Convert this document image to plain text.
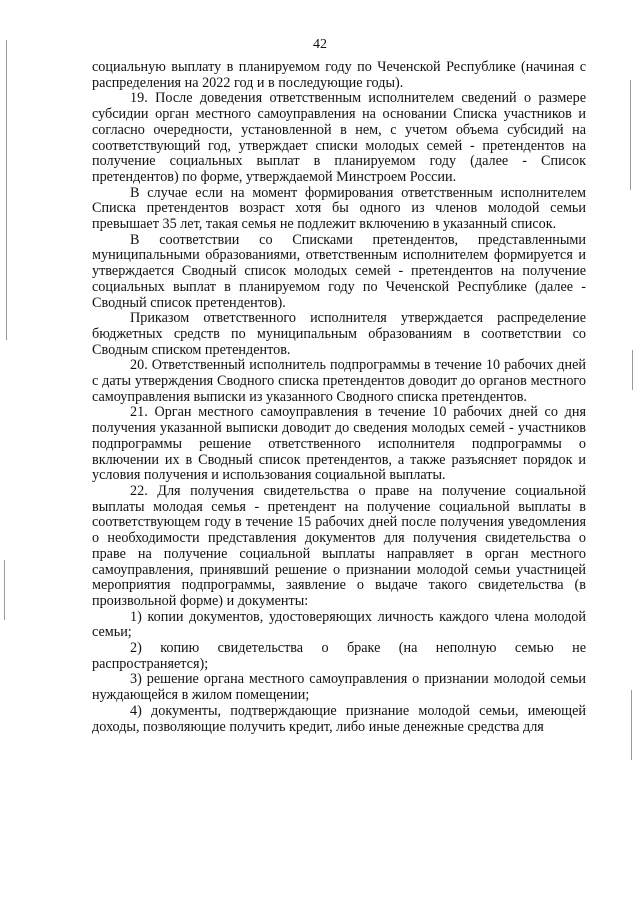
42

социальную выплату в планируемом году по Чеченской Республике (начиная с распределения на 2022 год и в последующие годы).

19. После доведения ответственным исполнителем сведений о размере субсидии орган местного самоуправления на основании Списка участников и согласно очередности, установленной в нем, с учетом объема субсидий на соответствующий год, утверждает списки молодых семей - претендентов на получение социальных выплат в планируемом году (далее - Список претендентов) по форме, утверждаемой Минстроем России.

В случае если на момент формирования ответственным исполнителем Списка претендентов возраст хотя бы одного из членов молодой семьи превышает 35 лет, такая семья не подлежит включению в указанный список.

В соответствии со Списками претендентов, представленными муниципальными образованиями, ответственным исполнителем формируется и утверждается Сводный список молодых семей - претендентов на получение социальных выплат в планируемом году по Чеченской Республике (далее - Сводный список претендентов).

Приказом ответственного исполнителя утверждается распределение бюджетных средств по муниципальным образованиям в соответствии со Сводным списком претендентов.

20. Ответственный исполнитель подпрограммы в течение 10 рабочих дней с даты утверждения Сводного списка претендентов доводит до органов местного самоуправления выписки из указанного Сводного списка претендентов.

21. Орган местного самоуправления в течение 10 рабочих дней со дня получения указанной выписки доводит до сведения молодых семей - участников подпрограммы решение ответственного исполнителя подпрограммы о включении их в Сводный список претендентов, а также разъясняет порядок и условия получения и использования социальной выплаты.

22. Для получения свидетельства о праве на получение социальной выплаты молодая семья - претендент на получение социальной выплаты в соответствующем году в течение 15 рабочих дней после получения уведомления о необходимости представления документов для получения свидетельства о праве на получение социальной выплаты направляет в орган местного самоуправления, принявший решение о признании молодой семьи участницей мероприятия подпрограммы, заявление о выдаче такого свидетельства (в произвольной форме) и документы:

1) копии документов, удостоверяющих личность каждого члена молодой семьи;

2) копию свидетельства о браке (на неполную семью не распространяется);

3) решение органа местного самоуправления о признании молодой семьи нуждающейся в жилом помещении;

4) документы, подтверждающие признание молодой семьи, имеющей доходы, позволяющие получить кредит, либо иные денежные средства для
